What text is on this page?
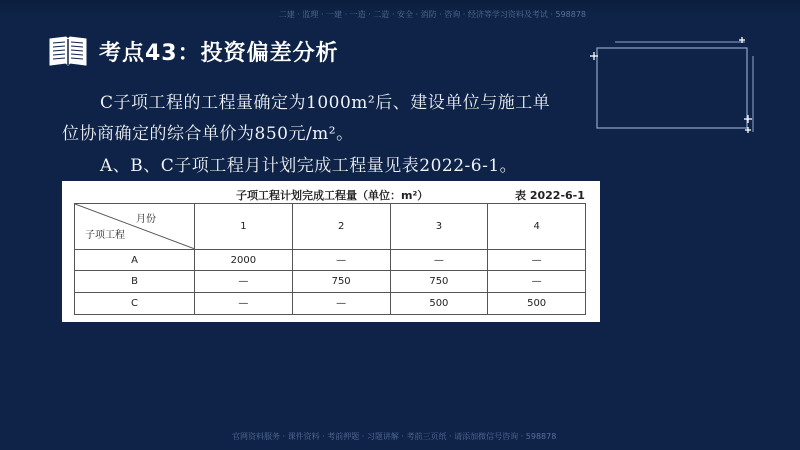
二建 · 监理 · 一建 · 一造 · 二造 · 安全 · 消防 · 咨询 · 经济等学习资料及考试 · 598878
考点43：投资偏差分析
C子项工程的工程量确定为1000m²后、建设单位与施工单
位协商确定的综合单价为850元/m²。
A、B、C子项工程月计划完成工程量见表2022-6-1。
子项工程计划完成工程量（单位：m²）	表 2022-6-1
月份
子项工程	1	2	3	4
A	2000	—	—	—
B	—	750	750	—
C	—	—	500	500
官网资料服务 · 课件资料 · 考前押题 · 习题讲解 · 考前三页纸 · 请添加微信号咨询 · 598878
